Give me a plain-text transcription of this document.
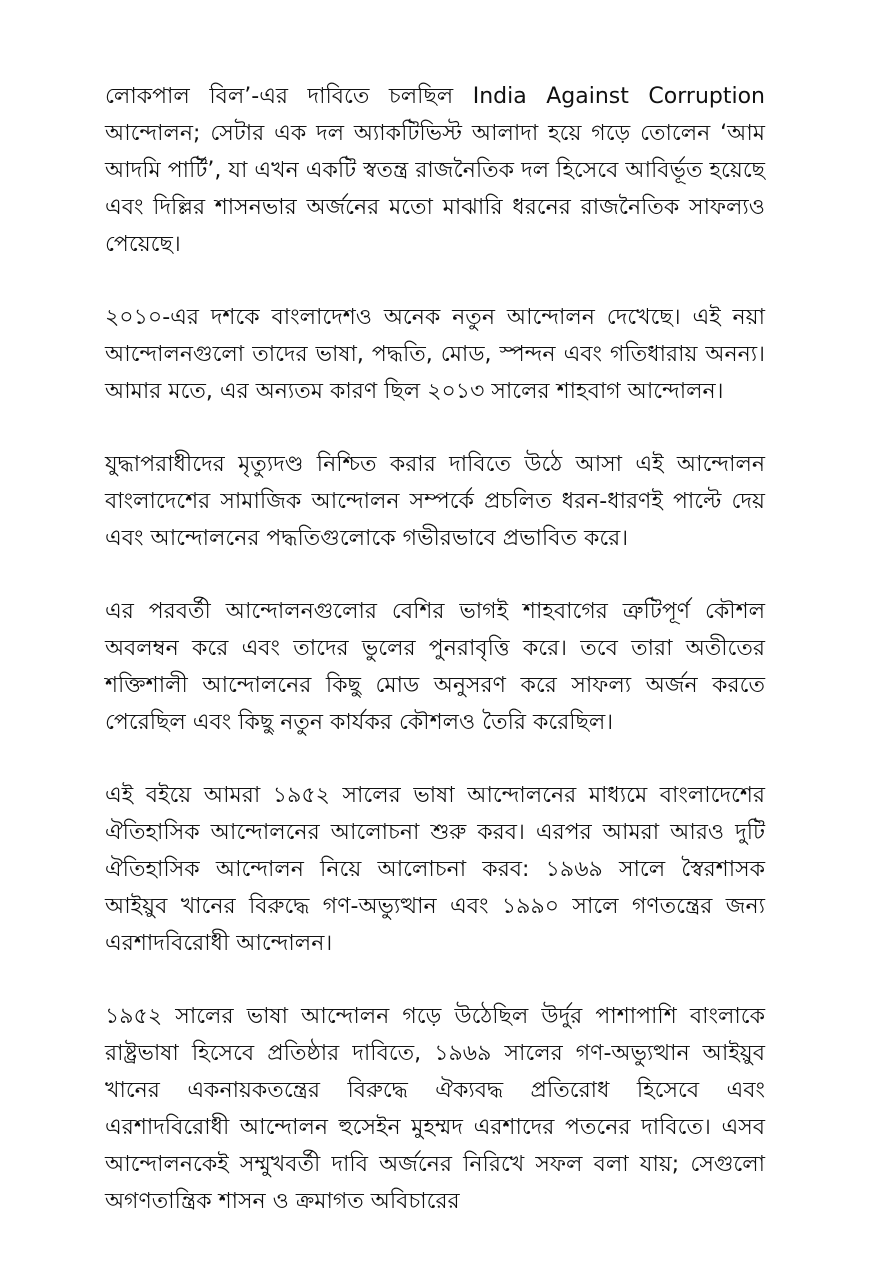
লোকপাল বিল’-এর দাবিতে চলছিল India Against Corruption আন্দোলন; সেটার এক দল অ্যাকটিভিস্ট আলাদা হয়ে গড়ে তোলেন ‘আম আদমি পার্টি’, যা এখন একটি স্বতন্ত্র রাজনৈতিক দল হিসেবে আবির্ভূত হয়েছে এবং দিল্লির শাসনভার অর্জনের মতো মাঝারি ধরনের রাজনৈতিক সাফল্যও পেয়েছে।

২০১০-এর দশকে বাংলাদেশও অনেক নতুন আন্দোলন দেখেছে। এই নয়া আন্দোলনগুলো তাদের ভাষা, পদ্ধতি, মোড, স্পন্দন এবং গতিধারায় অনন্য। আমার মতে, এর অন্যতম কারণ ছিল ২০১৩ সালের শাহবাগ আন্দোলন।

যুদ্ধাপরাধীদের মৃত্যুদণ্ড নিশ্চিত করার দাবিতে উঠে আসা এই আন্দোলন বাংলাদেশের সামাজিক আন্দোলন সম্পর্কে প্রচলিত ধরন-ধারণই পাল্টে দেয় এবং আন্দোলনের পদ্ধতিগুলোকে গভীরভাবে প্রভাবিত করে।

এর পরবর্তী আন্দোলনগুলোর বেশির ভাগই শাহবাগের ত্রুটিপূর্ণ কৌশল অবলম্বন করে এবং তাদের ভুলের পুনরাবৃত্তি করে। তবে তারা অতীতের শক্তিশালী আন্দোলনের কিছু মোড অনুসরণ করে সাফল্য অর্জন করতে পেরেছিল এবং কিছু নতুন কার্যকর কৌশলও তৈরি করেছিল।

এই বইয়ে আমরা ১৯৫২ সালের ভাষা আন্দোলনের মাধ্যমে বাংলাদেশের ঐতিহাসিক আন্দোলনের আলোচনা শুরু করব। এরপর আমরা আরও দুটি ঐতিহাসিক আন্দোলন নিয়ে আলোচনা করব: ১৯৬৯ সালে স্বৈরশাসক আইয়ুব খানের বিরুদ্ধে গণ-অভ্যুত্থান এবং ১৯৯০ সালে গণতন্ত্রের জন্য এরশাদবিরোধী আন্দোলন।

১৯৫২ সালের ভাষা আন্দোলন গড়ে উঠেছিল উর্দুর পাশাপাশি বাংলাকে রাষ্ট্রভাষা হিসেবে প্রতিষ্ঠার দাবিতে, ১৯৬৯ সালের গণ-অভ্যুত্থান আইয়ুব খানের একনায়কতন্ত্রের বিরুদ্ধে ঐক্যবদ্ধ প্রতিরোধ হিসেবে এবং এরশাদবিরোধী আন্দোলন হুসেইন মুহম্মদ এরশাদের পতনের দাবিতে। এসব আন্দোলনকেই সম্মুখবর্তী দাবি অর্জনের নিরিখে সফল বলা যায়; সেগুলো অগণতান্ত্রিক শাসন ও ক্রমাগত অবিচারের
